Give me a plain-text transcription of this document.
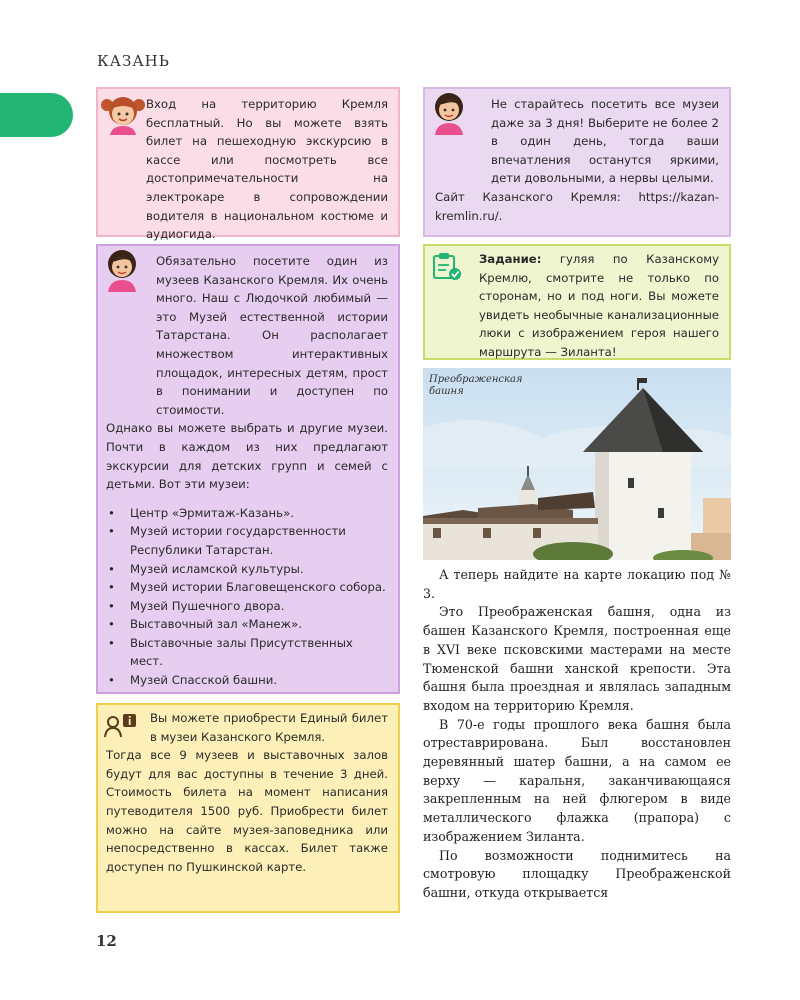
КАЗАНЬ

Вход на территорию Кремля бесплатный. Но вы можете взять билет на пешеходную экскурсию в кассе или посмотреть все достопримечательности на электрокаре в сопровождении водителя в национальном костюме и аудиогида.

Не старайтесь посетить все музеи даже за 3 дня! Выберите не более 2 в один день, тогда ваши впечатления останутся яркими, дети довольными, а нервы целыми.

Сайт Казанского Кремля: https://kazan-kremlin.ru/.

Обязательно посетите один из музеев Казанского Кремля. Их очень много. Наш с Людочкой любимый — это Музей естественной истории Татарстана. Он располагает множеством интерактивных площадок, интересных детям, прост в понимании и доступен по стоимости.

Однако вы можете выбрать и другие музеи. Почти в каждом из них предлагают экскурсии для детских групп и семей с детьми. Вот эти музеи:

• Центр «Эрмитаж-Казань».
• Музей истории государственности Республики Татарстан.
• Музей исламской культуры.
• Музей истории Благовещенского собора.
• Музей Пушечного двора.
• Выставочный зал «Манеж».
• Выставочные залы Присутственных мест.
• Музей Спасской башни.

Задание: гуляя по Казанскому Кремлю, смотрите не только по сторонам, но и под ноги. Вы можете увидеть необычные канализационные люки с изображением героя нашего маршрута — Зиланта!

Вы можете приобрести Единый билет в музеи Казанского Кремля.

Тогда все 9 музеев и выставочных залов будут для вас доступны в течение 3 дней. Стоимость билета на момент написания путеводителя 1500 руб. Приобрести билет можно на сайте музея-заповедника или непосредственно в кассах. Билет также доступен по Пушкинской карте.

Преображенская башня

А теперь найдите на карте локацию под № 3.

Это Преображенская башня, одна из башен Казанского Кремля, построенная еще в XVI веке псковскими мастерами на месте Тюменской башни ханской крепости. Эта башня была проездная и являлась западным входом на территорию Кремля.

В 70-е годы прошлого века башня была отреставрирована. Был восстановлен деревянный шатер башни, а на самом ее верху — каральня, заканчивающаяся закрепленным на ней флюгером в виде металлического флажка (прапора) с изображением Зиланта.

По возможности поднимитесь на смотровую площадку Преображенской башни, откуда открывается

12
